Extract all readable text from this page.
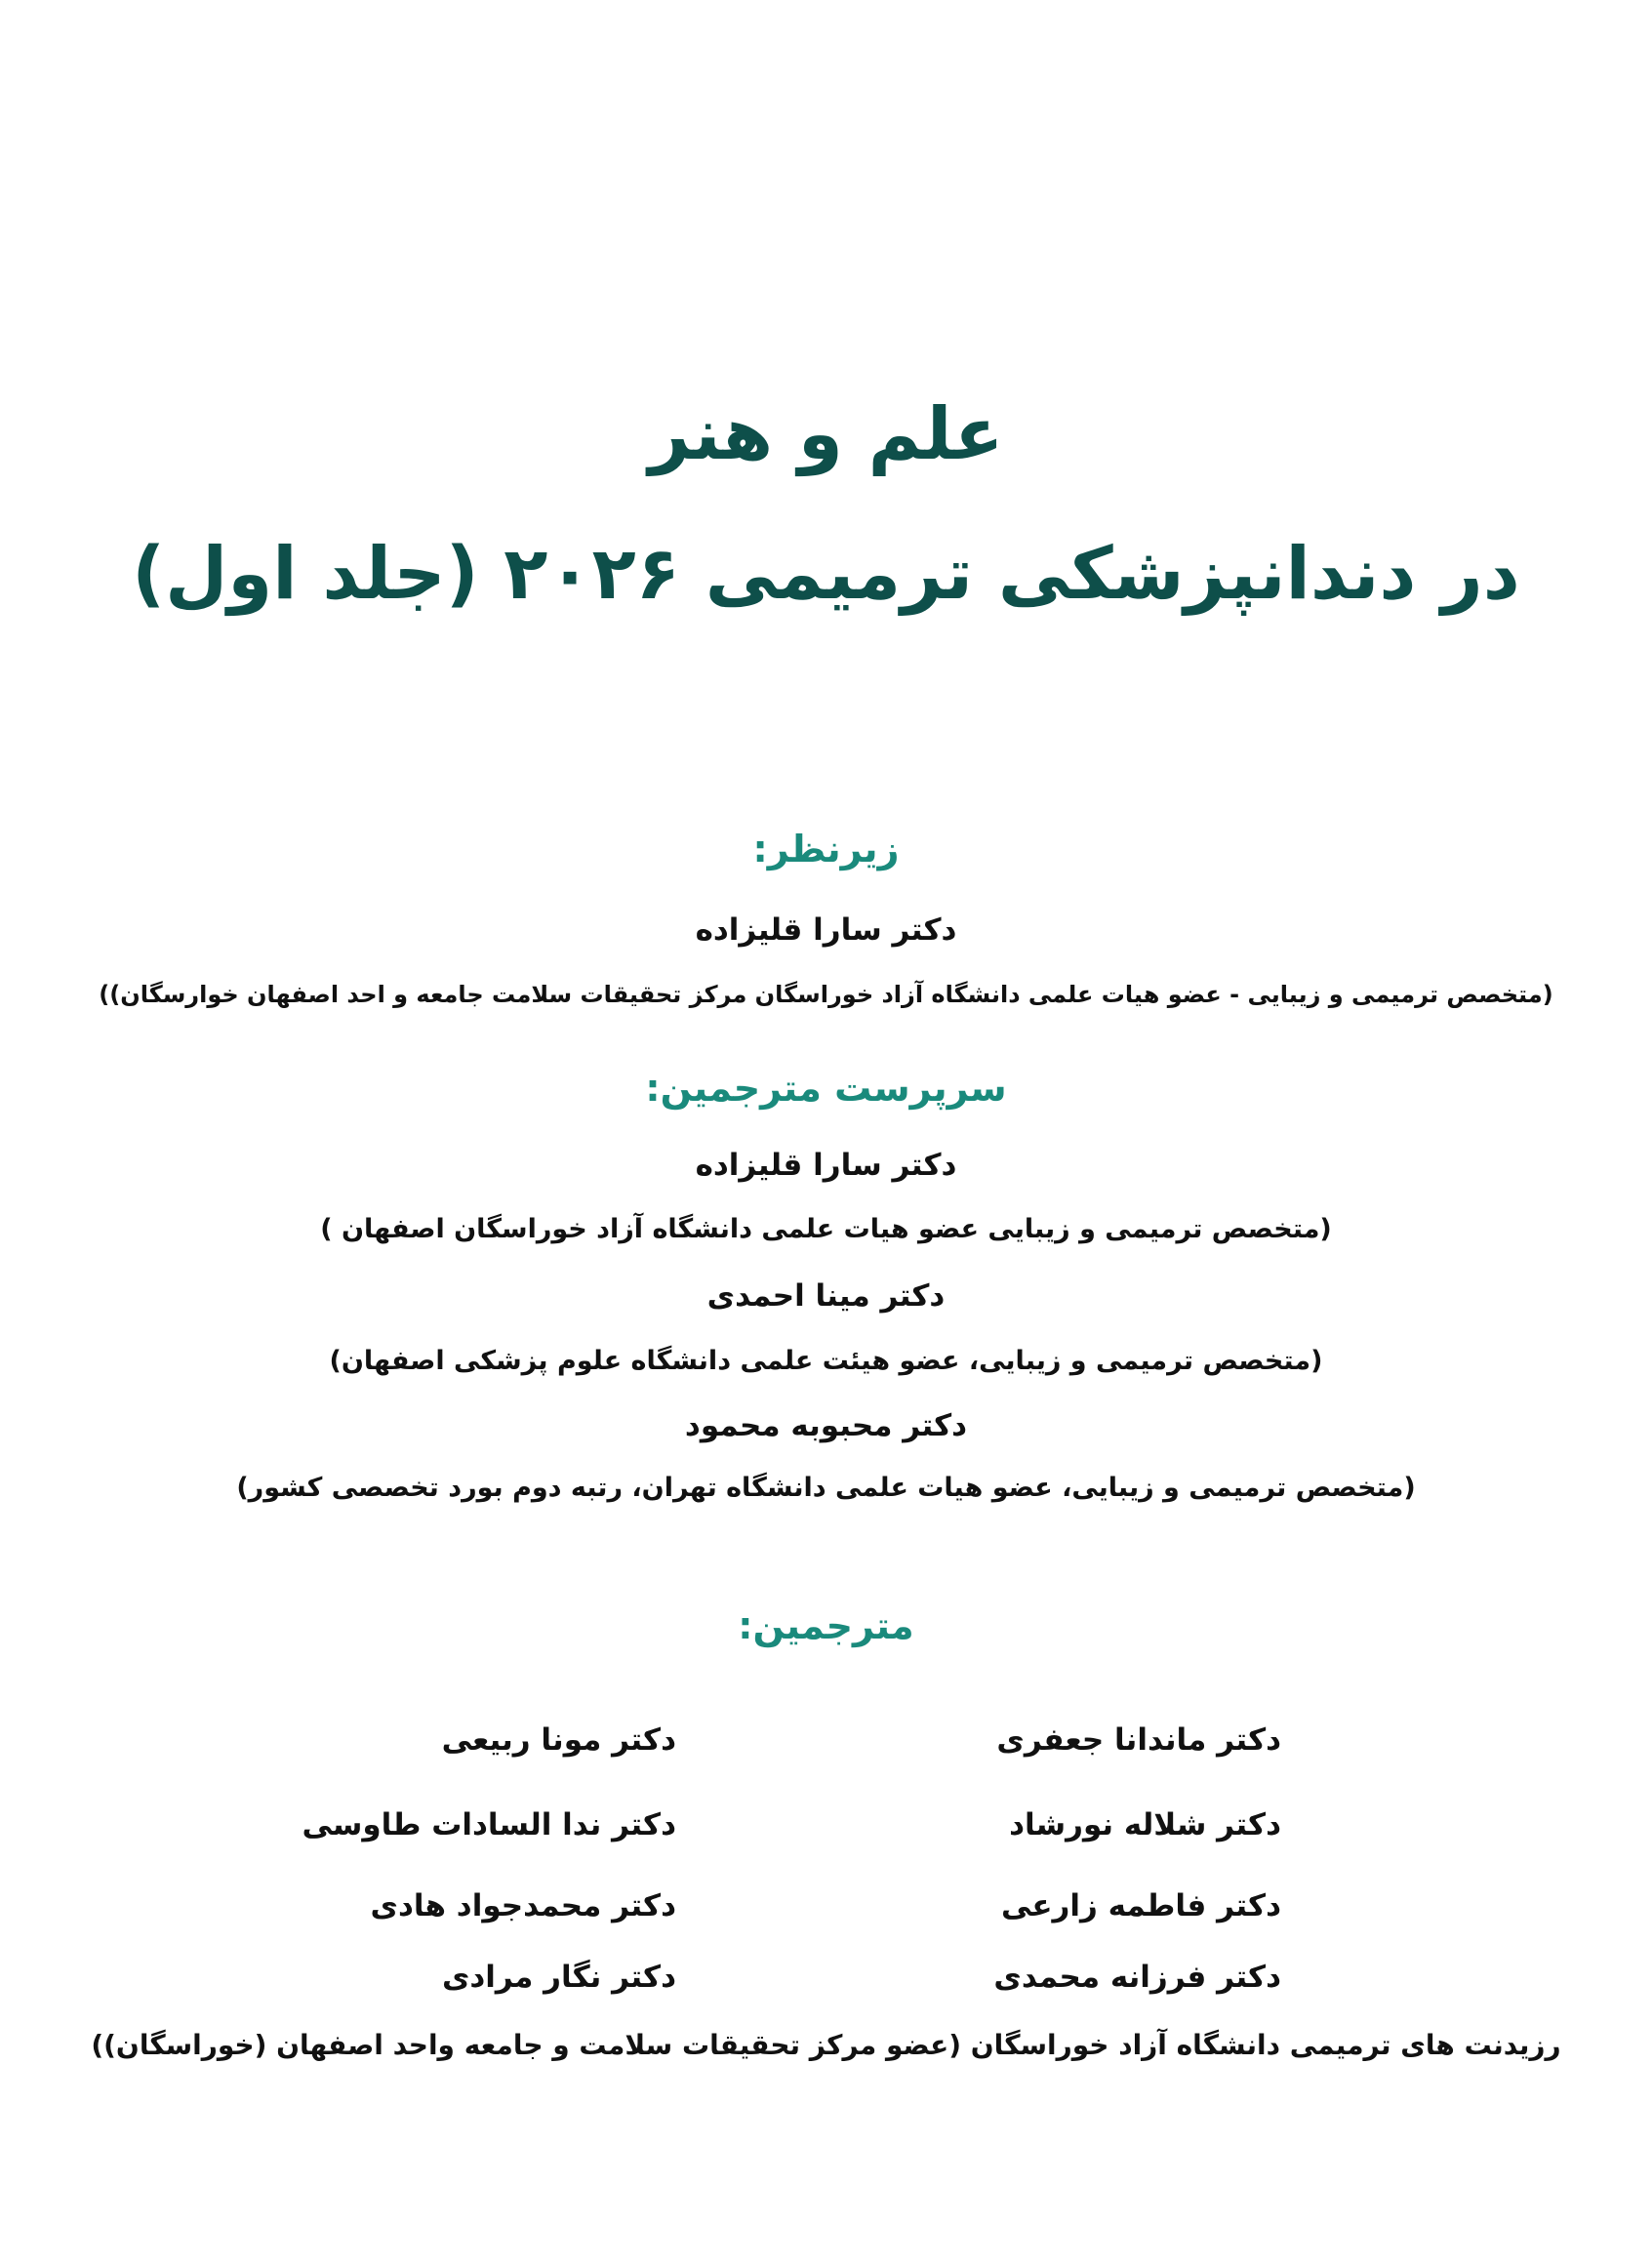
علم و هنر
در دندانپزشکی ترمیمی ۲۰۲۶ (جلد اول)
زیرنظر:
دکتر سارا قلیزاده
(متخصص ترمیمی و زیبایی - عضو هیات علمی دانشگاه آزاد خوراسگان مرکز تحقیقات سلامت جامعه و احد اصفهان خوارسگان))
سرپرست مترجمین:
دکتر سارا قلیزاده
(متخصص ترمیمی و زیبایی عضو هیات علمی دانشگاه آزاد خوراسگان اصفهان )
دکتر مینا احمدی
(متخصص ترمیمی و زیبایی، عضو هیئت علمی دانشگاه علوم پزشکی اصفهان)
دکتر محبوبه محمود
(متخصص ترمیمی و زیبایی، عضو هیات علمی دانشگاه تهران، رتبه دوم بورد تخصصی کشور)
مترجمین:
دکتر ماندانا جعفری
دکتر شلاله نورشاد
دکتر فاطمه زارعی
دکتر فرزانه محمدی
دکتر مونا ربیعی
دکتر ندا السادات طاوسی
دکتر محمدجواد هادی
دکتر نگار مرادی
رزیدنت های ترمیمی دانشگاه آزاد خوراسگان (عضو مرکز تحقیقات سلامت و جامعه واحد اصفهان (خوراسگان))
